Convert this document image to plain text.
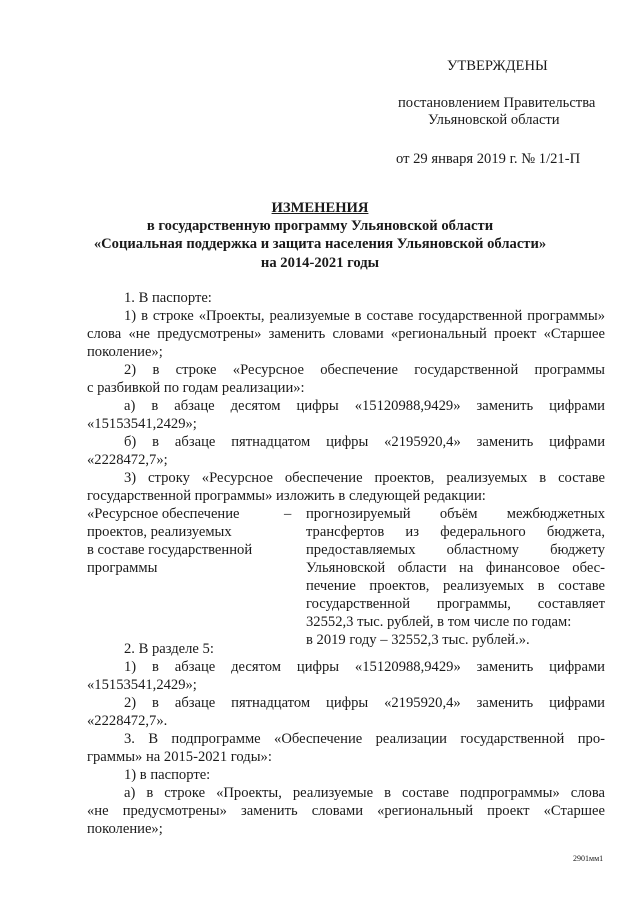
УТВЕРЖДЕНЫ
постановлением Правительства
Ульяновской области
от 29 января 2019 г. № 1/21-П
ИЗМЕНЕНИЯ
в государственную программу Ульяновской области
«Социальная поддержка и защита населения Ульяновской области»
на 2014-2021 годы
1. В паспорте:
1) в строке «Проекты, реализуемые в составе государственной программы»
слова «не предусмотрены» заменить словами «региональный проект «Старшее
поколение»;
2) в строке «Ресурсное обеспечение государственной программы
с разбивкой по годам реализации»:
а) в абзаце десятом цифры «15120988,9429» заменить цифрами
«15153541,2429»;
б) в абзаце пятнадцатом цифры «2195920,4» заменить цифрами
«2228472,7»;
3) строку «Ресурсное обеспечение проектов, реализуемых в составе
государственной программы» изложить в следующей редакции:
«Ресурсное обеспечение
проектов, реализуемых
в составе государственной
программы
– прогнозируемый объём межбюджетных
трансфертов из федерального бюджета,
предоставляемых областному бюджету
Ульяновской области на финансовое обес-
печение проектов, реализуемых в составе
государственной программы, составляет
32552,3 тыс. рублей, в том числе по годам:
в 2019 году – 32552,3 тыс. рублей.».
2. В разделе 5:
1) в абзаце десятом цифры «15120988,9429» заменить цифрами
«15153541,2429»;
2) в абзаце пятнадцатом цифры «2195920,4» заменить цифрами
«2228472,7».
3. В подпрограмме «Обеспечение реализации государственной про-
граммы» на 2015-2021 годы»:
1) в паспорте:
а) в строке «Проекты, реализуемые в составе подпрограммы» слова
«не предусмотрены» заменить словами «региональный проект «Старшее
поколение»;
2901мм1
